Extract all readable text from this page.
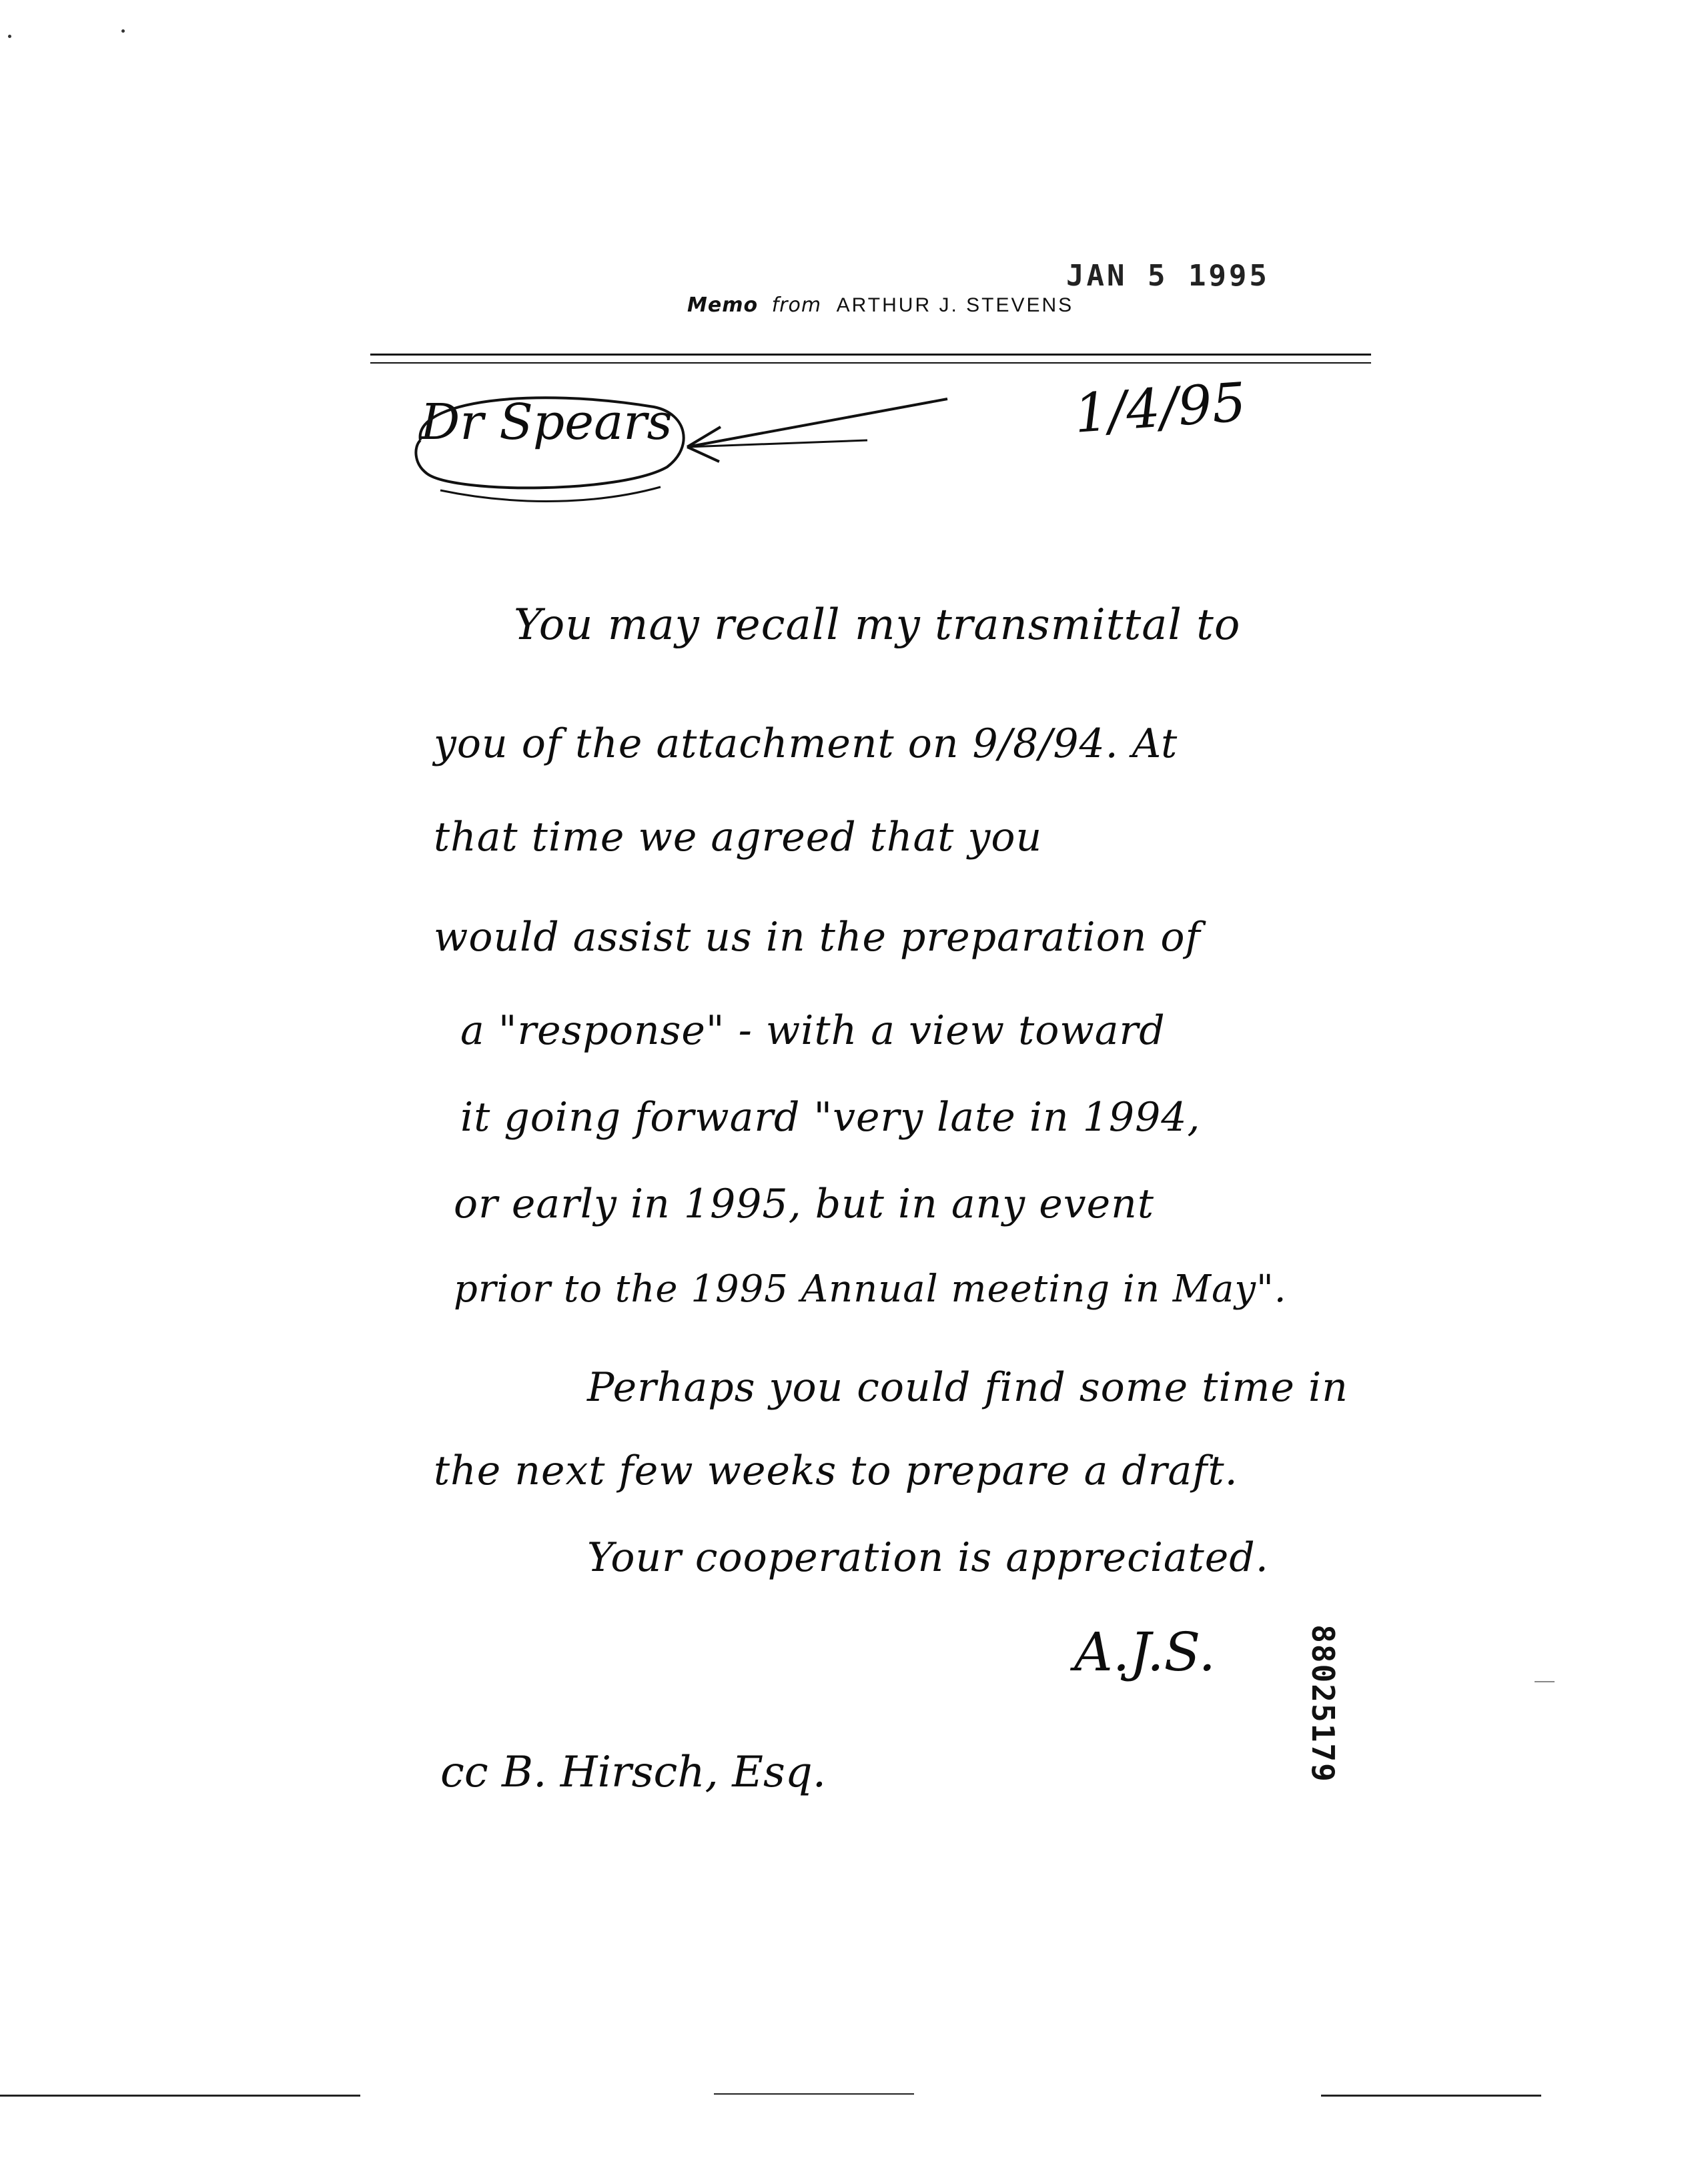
JAN 5 1995
Memo from ARTHUR J. STEVENS
Dr Spears	1/4/95
You may recall my transmittal to
you of the attachment on 9/8/94. At
that time we agreed that you
would assist us in the preparation of
a "response" - with a view toward
it going forward "very late in 1994,
or early in 1995, but in any event
prior to the 1995 Annual meeting in May".
Perhaps you could find some time in
the next few weeks to prepare a draft.
Your cooperation is appreciated.
A.J.S.
cc B. Hirsch, Esq.	88025179
